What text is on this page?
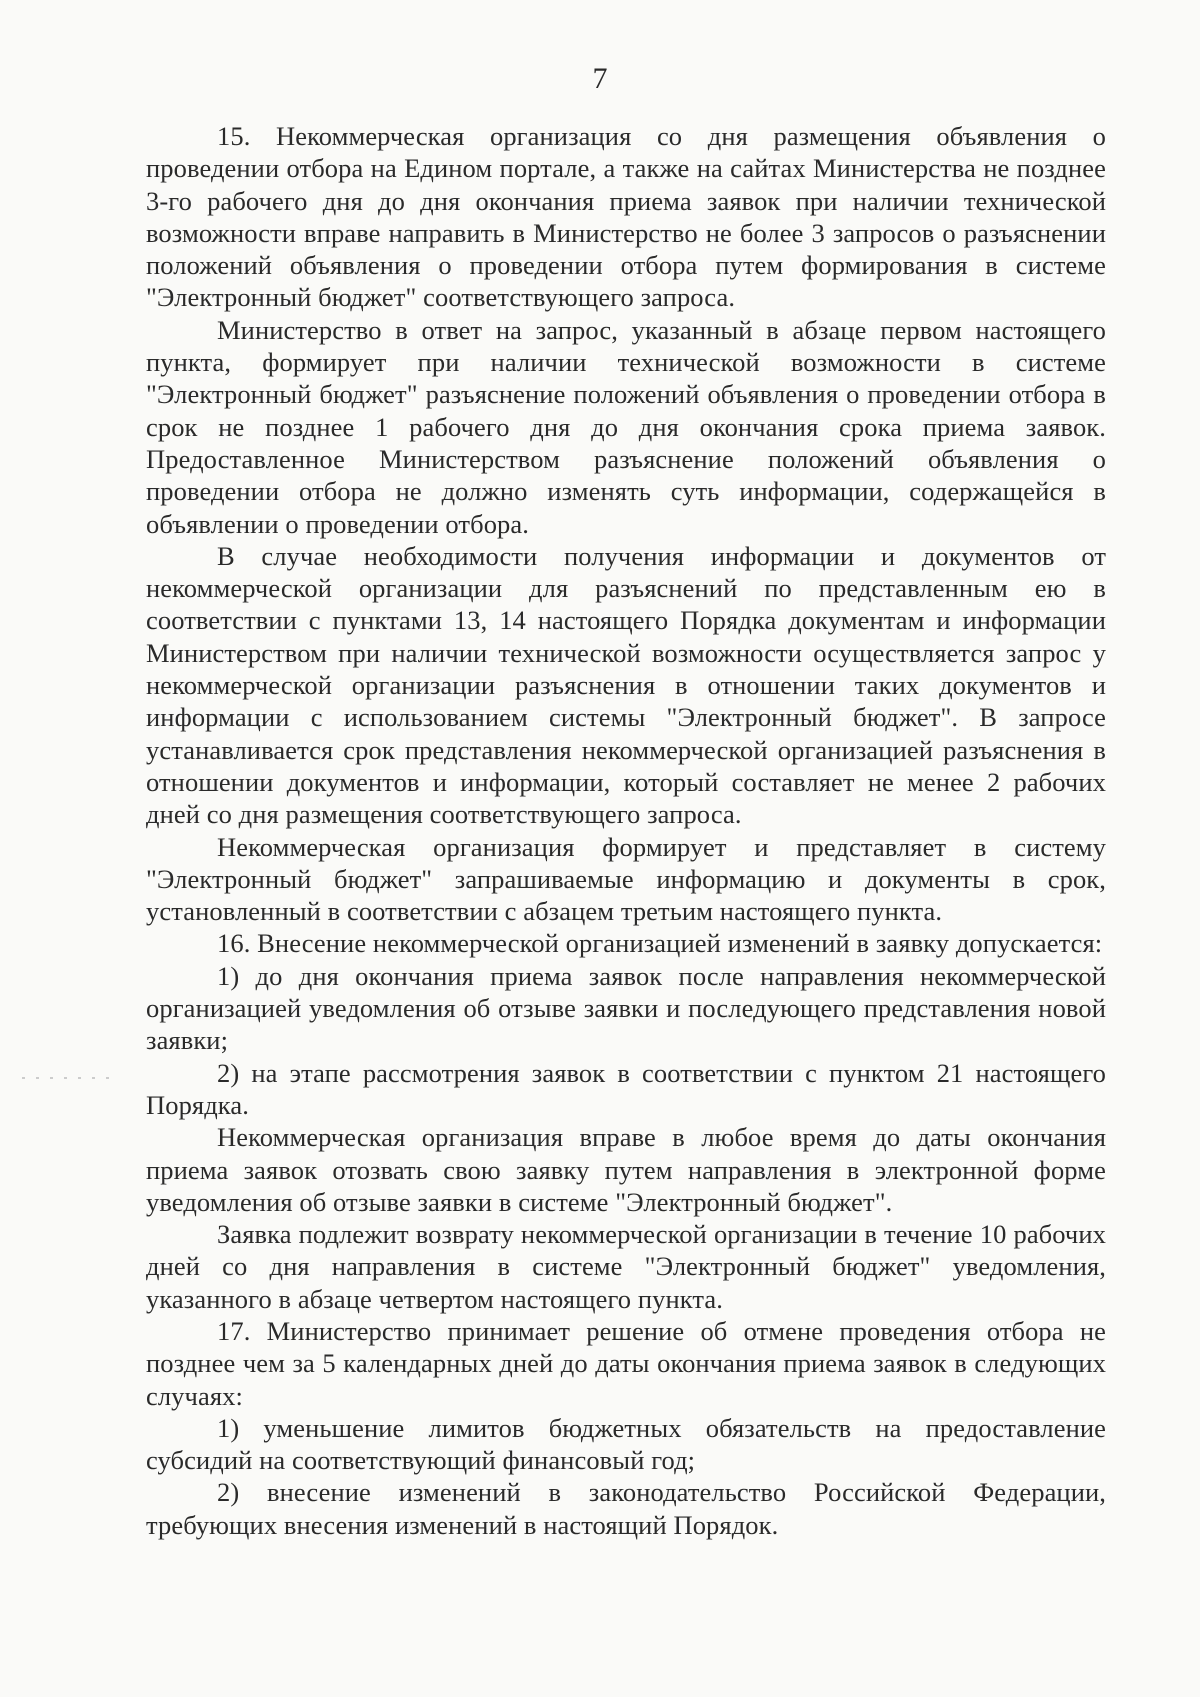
7

15. Некоммерческая организация со дня размещения объявления о проведении отбора на Едином портале, а также на сайтах Министерства не позднее 3-го рабочего дня до дня окончания приема заявок при наличии технической возможности вправе направить в Министерство не более 3 запросов о разъяснении положений объявления о проведении отбора путем формирования в системе "Электронный бюджет" соответствующего запроса.

Министерство в ответ на запрос, указанный в абзаце первом настоящего пункта, формирует при наличии технической возможности в системе "Электронный бюджет" разъяснение положений объявления о проведении отбора в срок не позднее 1 рабочего дня до дня окончания срока приема заявок. Предоставленное Министерством разъяснение положений объявления о проведении отбора не должно изменять суть информации, содержащейся в объявлении о проведении отбора.

В случае необходимости получения информации и документов от некоммерческой организации для разъяснений по представленным ею в соответствии с пунктами 13, 14 настоящего Порядка документам и информации Министерством при наличии технической возможности осуществляется запрос у некоммерческой организации разъяснения в отношении таких документов и информации с использованием системы "Электронный бюджет". В запросе устанавливается срок представления некоммерческой организацией разъяснения в отношении документов и информации, который составляет не менее 2 рабочих дней со дня размещения соответствующего запроса.

Некоммерческая организация формирует и представляет в систему "Электронный бюджет" запрашиваемые информацию и документы в срок, установленный в соответствии с абзацем третьим настоящего пункта.

16. Внесение некоммерческой организацией изменений в заявку допускается:

1) до дня окончания приема заявок после направления некоммерческой организацией уведомления об отзыве заявки и последующего представления новой заявки;

2) на этапе рассмотрения заявок в соответствии с пунктом 21 настоящего Порядка.

Некоммерческая организация вправе в любое время до даты окончания приема заявок отозвать свою заявку путем направления в электронной форме уведомления об отзыве заявки в системе "Электронный бюджет".

Заявка подлежит возврату некоммерческой организации в течение 10 рабочих дней со дня направления в системе "Электронный бюджет" уведомления, указанного в абзаце четвертом настоящего пункта.

17. Министерство принимает решение об отмене проведения отбора не позднее чем за 5 календарных дней до даты окончания приема заявок в следующих случаях:

1) уменьшение лимитов бюджетных обязательств на предоставление субсидий на соответствующий финансовый год;

2) внесение изменений в законодательство Российской Федерации, требующих внесения изменений в настоящий Порядок.
